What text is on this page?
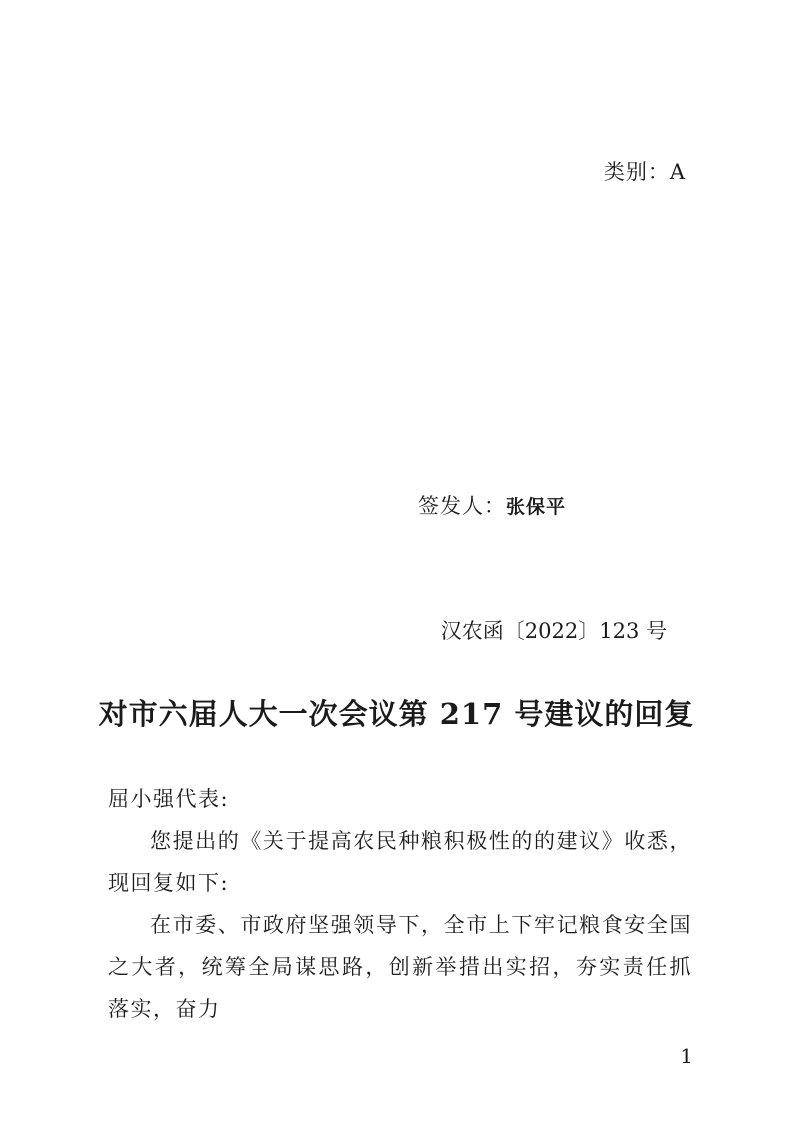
类别：A
签发人：张保平
汉农函〔2022〕123 号
对市六届人大一次会议第 217 号建议的回复

屈小强代表:

您提出的《关于提高农民种粮积极性的的建议》收悉，现回复如下:

在市委、市政府坚强领导下，全市上下牢记粮食安全国之大者，统筹全局谋思路，创新举措出实招，夯实责任抓落实，奋力

1
